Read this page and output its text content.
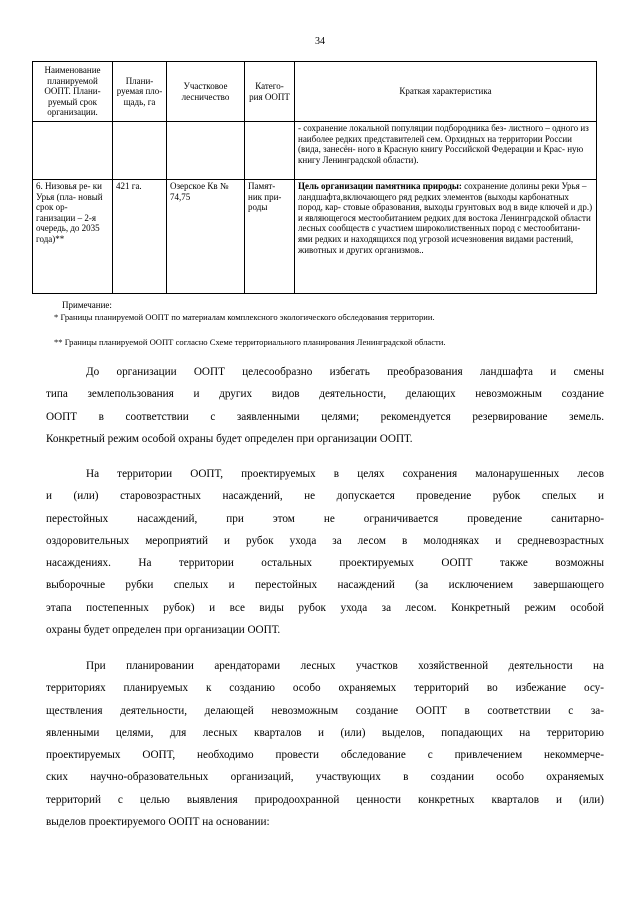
34
Наименование планируемой ООПТ. Плани- руемый срок организации.	Плани- руемая пло- щадь, га	Участковое лесничество	Катего- рия ООПТ	Краткая характеристика
				- сохранение локальной популяции подбородника без- листного – одного из наиболее редких представителей сем. Орхидных на территории России (вида, занесён- ного в Красную книгу Российской Федерации и Крас- ную книгу Ленинградской области).
6. Низовья ре- ки Урья (пла- новый срок ор- ганизации – 2-я очередь, до 2035 года)**	421 га.	Озерское Кв № 74,75	Памят- ник при- роды	Цель организации памятника природы: сохранение долины реки Урья – ландшафта,включающего ряд редких элементов (выходы карбонатных пород, кар- стовые образования, выходы грунтовых вод в виде ключей и др.) и являющегося местообитанием редких для востока Ленинградской области лесных сообществ с участием широколиственных пород с местообитани- ями редких и находящихся под угрозой исчезновения видами растений, животных и других организмов..
Примечание:
* Границы планируемой ООПТ по материалам комплексного экологического обследования территории.
** Границы планируемой ООПТ согласно Схеме территориального планирования Ленинградской области.
До организации ООПТ целесообразно избегать преобразования ландшафта и смены
типа землепользования и других видов деятельности, делающих невозможным создание
ООПТ в соответствии с заявленными целями; рекомендуется резервирование земель.
Конкретный режим особой охраны будет определен при организации ООПТ.
На территории ООПТ, проектируемых в целях сохранения малонарушенных лесов
и (или) старовозрастных насаждений, не допускается проведение рубок спелых и
перестойных насаждений, при этом не ограничивается проведение санитарно-
оздоровительных мероприятий и рубок ухода за лесом в молодняках и средневозрастных
насаждениях. На территории остальных проектируемых ООПТ также возможны
выборочные рубки спелых и перестойных насаждений (за исключением завершающего
этапа постепенных рубок) и все виды рубок ухода за лесом. Конкретный режим особой
охраны будет определен при организации ООПТ.
При планировании арендаторами лесных участков хозяйственной деятельности на
территориях планируемых к созданию особо охраняемых территорий во избежание осу-
ществления деятельности, делающей невозможным создание ООПТ в соответствии с за-
явленными целями, для лесных кварталов и (или) выделов, попадающих на территорию
проектируемых ООПТ, необходимо провести обследование с привлечением некоммерче-
ских научно-образовательных организаций, участвующих в создании особо охраняемых
территорий с целью выявления природоохранной ценности конкретных кварталов и (или)
выделов проектируемого ООПТ на основании:
